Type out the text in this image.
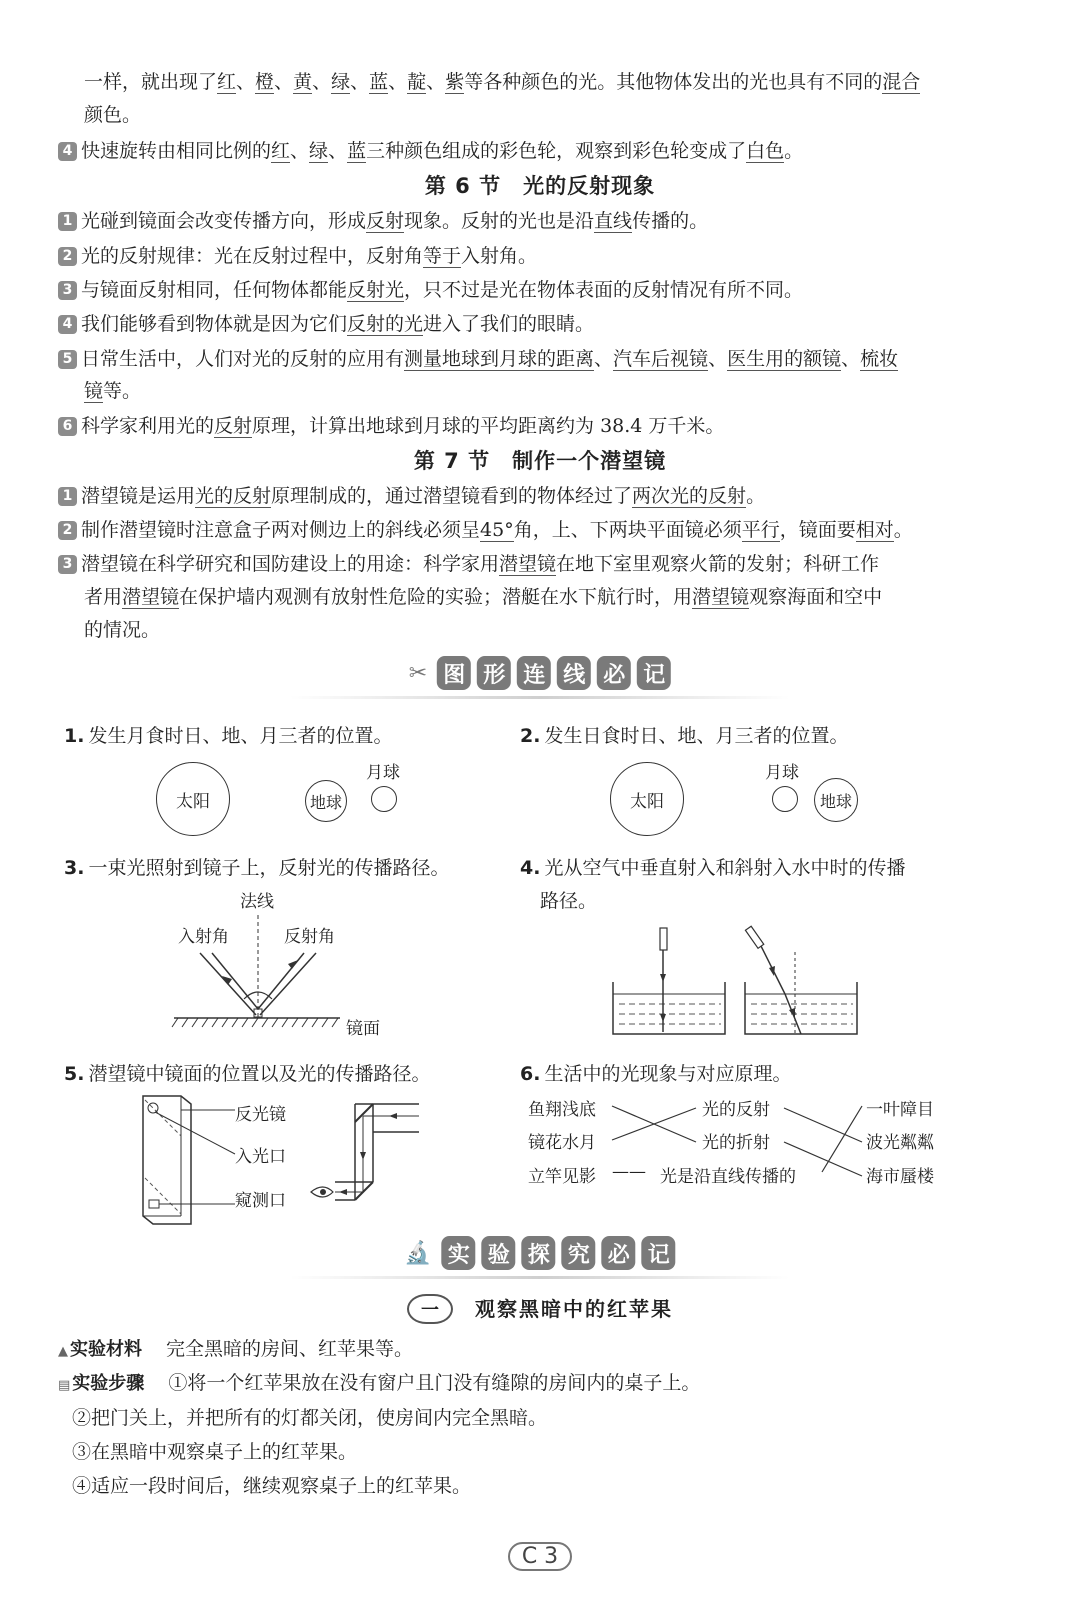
一样，就出现了红、橙、黄、绿、蓝、靛、紫等各种颜色的光。其他物体发出的光也具有不同的混合
颜色。
4 快速旋转由相同比例的红、绿、蓝三种颜色组成的彩色轮，观察到彩色轮变成了白色。
第 6 节　光的反射现象
1 光碰到镜面会改变传播方向，形成反射现象。反射的光也是沿直线传播的。
2 光的反射规律：光在反射过程中，反射角等于入射角。
3 与镜面反射相同，任何物体都能反射光，只不过是光在物体表面的反射情况有所不同。
4 我们能够看到物体就是因为它们反射的光进入了我们的眼睛。
5 日常生活中，人们对光的反射的应用有测量地球到月球的距离、汽车后视镜、医生用的额镜、梳妆
镜等。
6 科学家利用光的反射原理，计算出地球到月球的平均距离约为 38.4 万千米。
第 7 节　制作一个潜望镜
1 潜望镜是运用光的反射原理制成的，通过潜望镜看到的物体经过了两次光的反射。
2 制作潜望镜时注意盒子两对侧边上的斜线必须呈45°角，上、下两块平面镜必须平行，镜面要相对。
3 潜望镜在科学研究和国防建设上的用途：科学家用潜望镜在地下室里观察火箭的发射；科研工作
者用潜望镜在保护墙内观测有放射性危险的实验；潜艇在水下航行时，用潜望镜观察海面和空中
的情况。
✂ 图 形 连 线 必 记
1. 发生月食时日、地、月三者的位置。
太阳	地球
月球
2. 发生日食时日、地、月三者的位置。
太阳
月球
地球
3. 一束光照射到镜子上，反射光的传播路径。
法线
入射角	反射角
镜面
4. 光从空气中垂直射入和斜射入水中时的传播
路径。
5. 潜望镜中镜面的位置以及光的传播路径。
反光镜
入光口
窥测口
6. 生活中的光现象与对应原理。
鱼翔浅底
镜花水月
立竿见影
光的反射
光的折射
—— 光是沿直线传播的
一叶障目
波光粼粼
海市蜃楼
🔬 实 验 探 究 必 记
一 观察黑暗中的红苹果
▲ 实验材料 完全黑暗的房间、红苹果等。
▤ 实验步骤 ①将一个红苹果放在没有窗户且门没有缝隙的房间内的桌子上。
②把门关上，并把所有的灯都关闭，使房间内完全黑暗。
③在黑暗中观察桌子上的红苹果。
④适应一段时间后，继续观察桌子上的红苹果。
C 3
